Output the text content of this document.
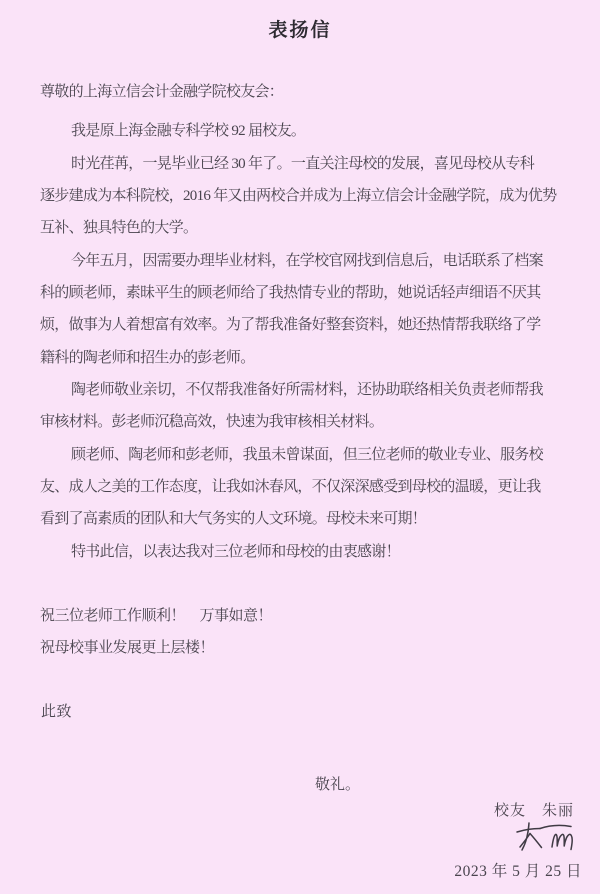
表扬信
尊敬的上海立信会计金融学院校友会：
我是原上海金融专科学校 92 届校友。
时光荏苒，一晃毕业已经 30 年了。一直关注母校的发展，喜见母校从专科
逐步建成为本科院校，2016 年又由两校合并成为上海立信会计金融学院，成为优势
互补、独具特色的大学。
今年五月，因需要办理毕业材料，在学校官网找到信息后，电话联系了档案
科的顾老师，素昧平生的顾老师给了我热情专业的帮助，她说话轻声细语不厌其
烦，做事为人着想富有效率。为了帮我准备好整套资料，她还热情帮我联络了学
籍科的陶老师和招生办的彭老师。
陶老师敬业亲切，不仅帮我准备好所需材料，还协助联络相关负责老师帮我
审核材料。彭老师沉稳高效，快速为我审核相关材料。
顾老师、陶老师和彭老师，我虽未曾谋面，但三位老师的敬业专业、服务校
友、成人之美的工作态度，让我如沐春风，不仅深深感受到母校的温暖，更让我
看到了高素质的团队和大气务实的人文环境。母校未来可期！
特书此信，以表达我对三位老师和母校的由衷感谢！
祝三位老师工作顺利！　万事如意！
祝母校事业发展更上层楼！
此致
敬礼。
校友　朱丽
2023 年 5 月 25 日
